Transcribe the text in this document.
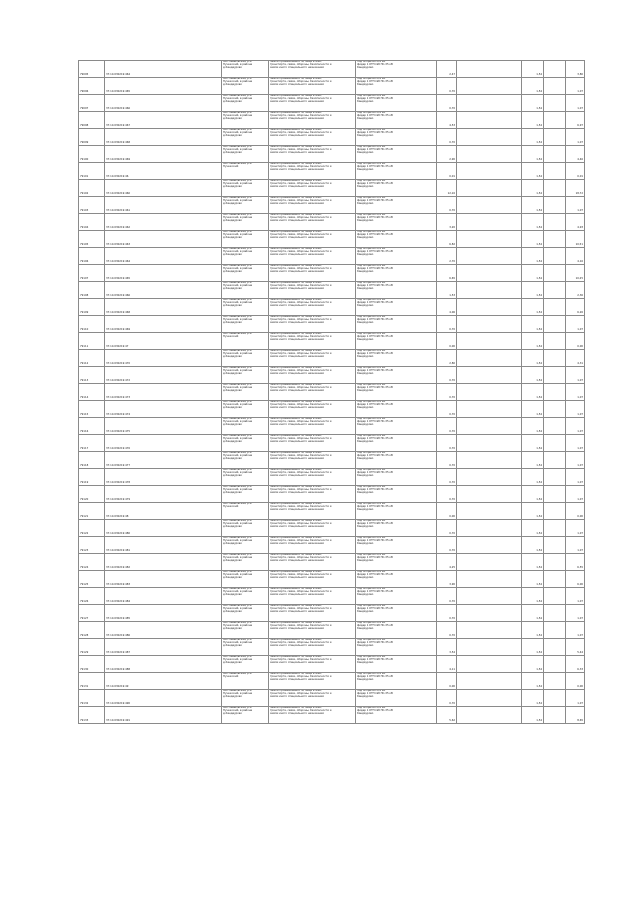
79095	37:14:030219:464	обл. Ивановская, р-н
Пучежский, в районе
д.Кандаурово	Земли промышленности, энергетики,
транспорта, связи, обороны, безопасности и
земли иного специального назначения	под опоры ВЛ-0,4 кВ
фидер 1 КТП №8 ПС-35 кВ
Кандаурово	2,47		1,54		3,80
79096	37:14:030219:465	обл. Ивановская, р-н
Пучежский, в районе
д.Кандаурово	Земли промышленности, энергетики,
транспорта, связи, обороны, безопасности и
земли иного специального назначения	под опоры ВЛ-0,4 кВ
фидер 1 КТП №8 ПС-35 кВ
Кандаурово	0,70		1,54		1,07
79097	37:14:030219:466	обл. Ивановская, р-н
Пучежский, в районе
д.Кандаурово	Земли промышленности, энергетики,
транспорта, связи, обороны, безопасности и
земли иного специального назначения	под опоры ВЛ-0,4 кВ
фидер 1 КТП №8 ПС-35 кВ
Кандаурово	0,70		1,54		1,07
79098	37:14:030219:467	обл. Ивановская, р-н
Пучежский, в районе
д.Кандаурово	Земли промышленности, энергетики,
транспорта, связи, обороны, безопасности и
земли иного специального назначения	под опоры ВЛ-0,4 кВ
фидер 1 КТП №8 ПС-35 кВ
Кандаурово	4,53		1,54		6,97
79099	37:14:030219:468	обл. Ивановская, р-н
Пучежский, в районе
д.Кандаурово	Земли промышленности, энергетики,
транспорта, связи, обороны, безопасности и
земли иного специального назначения	под опоры ВЛ-0,4 кВ
фидер 1 КТП №8 ПС-35 кВ
Кандаурово	0,70		1,54		1,07
79100	37:14:030219:469	обл. Ивановская, р-н
Пучежский, в районе
д.Кандаурово	Земли промышленности, энергетики,
транспорта, связи, обороны, безопасности и
земли иного специального назначения	под опоры ВЛ-0,4 кВ
фидер 1 КТП №8 ПС-35 кВ
Кандаурово	2,90		1,54		4,46
79101	37:14:030219:46	обл. Ивановская, р-н
Пучежский	Земли промышленности, энергетики,
транспорта, связи, обороны, безопасности и
земли иного специального назначения	под опоры ВЛ-0,4 кВ
фидер 1 КТП №8 ПС-35 кВ
Кандаурово	0,01		1,54		0,01
79102	37:14:030219:460	обл. Ивановская, р-н
Пучежский, в районе
д.Кандаурово	Земли промышленности, энергетики,
транспорта, связи, обороны, безопасности и
земли иного специального назначения	под опоры ВЛ-0,4 кВ
фидер 1 КТП №8 ПС-35 кВ
Кандаурово	12,16		1,54		18,72
79103	37:14:030219:461	обл. Ивановская, р-н
Пучежский, в районе
д.Кандаурово	Земли промышленности, энергетики,
транспорта, связи, обороны, безопасности и
земли иного специального назначения	под опоры ВЛ-0,4 кВ
фидер 1 КТП №8 ПС-35 кВ
Кандаурово	0,70		1,54		1,07
79104	37:14:030219:462	обл. Ивановская, р-н
Пучежский, в районе
д.Кандаурово	Земли промышленности, энергетики,
транспорта, связи, обороны, безопасности и
земли иного специального назначения	под опоры ВЛ-0,4 кВ
фидер 1 КТП №8 ПС-35 кВ
Кандаурово	3,20		1,54		4,93
79105	37:14:030219:463	обл. Ивановская, р-н
Пучежский, в районе
д.Кандаурово	Земли промышленности, энергетики,
транспорта, связи, обороны, безопасности и
земли иного специального назначения	под опоры ВЛ-0,4 кВ
фидер 1 КТП №8 ПС-35 кВ
Кандаурово	6,82		1,54		10,51
79106	37:14:030219:464	обл. Ивановская, р-н
Пучежский, в районе
д.Кандаурово	Земли промышленности, энергетики,
транспорта, связи, обороны, безопасности и
земли иного специального назначения	под опоры ВЛ-0,4 кВ
фидер 1 КТП №8 ПС-35 кВ
Кандаурово	2,70		1,54		4,16
79107	37:14:030219:465	обл. Ивановская, р-н
Пучежский, в районе
д.Кандаурово	Земли промышленности, энергетики,
транспорта, связи, обороны, безопасности и
земли иного специального назначения	под опоры ВЛ-0,4 кВ
фидер 1 КТП №8 ПС-35 кВ
Кандаурово	6,65		1,54		10,25
79108	37:14:030219:466	обл. Ивановская, р-н
Пучежский, в районе
д.Кандаурово	Земли промышленности, энергетики,
транспорта, связи, обороны, безопасности и
земли иного специального назначения	под опоры ВЛ-0,4 кВ
фидер 1 КТП №8 ПС-35 кВ
Кандаурово	1,53		1,54		2,36
79109	37:14:030219:468	обл. Ивановская, р-н
Пучежский, в районе
д.Кандаурово	Земли промышленности, энергетики,
транспорта, связи, обороны, безопасности и
земли иного специального назначения	под опоры ВЛ-0,4 кВ
фидер 1 КТП №8 ПС-35 кВ
Кандаурово	4,06		1,54		6,26
79110	37:14:030219:469	обл. Ивановская, р-н
Пучежский, в районе
д.Кандаурово	Земли промышленности, энергетики,
транспорта, связи, обороны, безопасности и
земли иного специального назначения	под опоры ВЛ-0,4 кВ
фидер 1 КТП №8 ПС-35 кВ
Кандаурово	0,70		1,54		1,07
79111	37:14:030219:47	обл. Ивановская, р-н
Пучежский	Земли промышленности, энергетики,
транспорта, связи, обороны, безопасности и
земли иного специального назначения	под опоры ВЛ-0,4 кВ
фидер 1 КТП №8 ПС-35 кВ
Кандаурово	0,00		1,54		0,00
79112	37:14:030219:470	обл. Ивановская, р-н
Пучежский, в районе
д.Кандаурово	Земли промышленности, энергетики,
транспорта, связи, обороны, безопасности и
земли иного специального назначения	под опоры ВЛ-0,4 кВ
фидер 1 КТП №8 ПС-35 кВ
Кандаурово	2,80		1,54		4,31
79113	37:14:030219:472	обл. Ивановская, р-н
Пучежский, в районе
д.Кандаурово	Земли промышленности, энергетики,
транспорта, связи, обороны, безопасности и
земли иного специального назначения	под опоры ВЛ-0,4 кВ
фидер 1 КТП №8 ПС-35 кВ
Кандаурово	0,70		1,54		1,07
79114	37:14:030219:473	обл. Ивановская, р-н
Пучежский, в районе
д.Кандаурово	Земли промышленности, энергетики,
транспорта, связи, обороны, безопасности и
земли иного специального назначения	под опоры ВЛ-0,4 кВ
фидер 1 КТП №8 ПС-35 кВ
Кандаурово	0,70		1,54		1,07
79115	37:14:030219:474	обл. Ивановская, р-н
Пучежский, в районе
д.Кандаурово	Земли промышленности, энергетики,
транспорта, связи, обороны, безопасности и
земли иного специального назначения	под опоры ВЛ-0,4 кВ
фидер 1 КТП №8 ПС-35 кВ
Кандаурово	0,70		1,54		1,07
79116	37:14:030219:475	обл. Ивановская, р-н
Пучежский, в районе
д.Кандаурово	Земли промышленности, энергетики,
транспорта, связи, обороны, безопасности и
земли иного специального назначения	под опоры ВЛ-0,4 кВ
фидер 1 КТП №8 ПС-35 кВ
Кандаурово	0,70		1,54		1,07
79117	37:14:030219:476	обл. Ивановская, р-н
Пучежский, в районе
д.Кандаурово	Земли промышленности, энергетики,
транспорта, связи, обороны, безопасности и
земли иного специального назначения	под опоры ВЛ-0,4 кВ
фидер 1 КТП №8 ПС-35 кВ
Кандаурово	0,70		1,54		1,07
79118	37:14:030219:477	обл. Ивановская, р-н
Пучежский, в районе
д.Кандаурово	Земли промышленности, энергетики,
транспорта, связи, обороны, безопасности и
земли иного специального назначения	под опоры ВЛ-0,4 кВ
фидер 1 КТП №8 ПС-35 кВ
Кандаурово	0,70		1,54		1,07
79119	37:14:030219:478	обл. Ивановская, р-н
Пучежский, в районе
д.Кандаурово	Земли промышленности, энергетики,
транспорта, связи, обороны, безопасности и
земли иного специального назначения	под опоры ВЛ-0,4 кВ
фидер 1 КТП №8 ПС-35 кВ
Кандаурово	0,70		1,54		1,07
79120	37:14:030219:479	обл. Ивановская, р-н
Пучежский, в районе
д.Кандаурово	Земли промышленности, энергетики,
транспорта, связи, обороны, безопасности и
земли иного специального назначения	под опоры ВЛ-0,4 кВ
фидер 1 КТП №8 ПС-35 кВ
Кандаурово	0,70		1,54		1,07
79121	37:14:030219:48	обл. Ивановская, р-н
Пучежский	Земли промышленности, энергетики,
транспорта, связи, обороны, безопасности и
земли иного специального назначения	под опоры ВЛ-0,4 кВ
фидер 1 КТП №8 ПС-35 кВ
Кандаурово	0,00		1,54		0,00
79122	37:14:030219:480	обл. Ивановская, р-н
Пучежский, в районе
д.Кандаурово	Земли промышленности, энергетики,
транспорта, связи, обороны, безопасности и
земли иного специального назначения	под опоры ВЛ-0,4 кВ
фидер 1 КТП №8 ПС-35 кВ
Кандаурово	0,70		1,54		1,07
79123	37:14:030219:481	обл. Ивановская, р-н
Пучежский, в районе
д.Кандаурово	Земли промышленности, энергетики,
транспорта, связи, обороны, безопасности и
земли иного специального назначения	под опоры ВЛ-0,4 кВ
фидер 1 КТП №8 ПС-35 кВ
Кандаурово	0,70		1,54		1,07
79124	37:14:030219:482	обл. Ивановская, р-н
Пучежский, в районе
д.Кандаурово	Земли промышленности, энергетики,
транспорта, связи, обороны, безопасности и
земли иного специального назначения	под опоры ВЛ-0,4 кВ
фидер 1 КТП №8 ПС-35 кВ
Кандаурово	4,25		1,54		6,55
79125	37:14:030219:483	обл. Ивановская, р-н
Пучежский, в районе
д.Кандаурово	Земли промышленности, энергетики,
транспорта, связи, обороны, безопасности и
земли иного специального назначения	под опоры ВЛ-0,4 кВ
фидер 1 КТП №8 ПС-35 кВ
Кандаурово	3,90		1,54		6,00
79126	37:14:030219:484	обл. Ивановская, р-н
Пучежский, в районе
д.Кандаурово	Земли промышленности, энергетики,
транспорта, связи, обороны, безопасности и
земли иного специального назначения	под опоры ВЛ-0,4 кВ
фидер 1 КТП №8 ПС-35 кВ
Кандаурово	0,70		1,54		1,07
79127	37:14:030219:485	обл. Ивановская, р-н
Пучежский, в районе
д.Кандаурово	Земли промышленности, энергетики,
транспорта, связи, обороны, безопасности и
земли иного специального назначения	под опоры ВЛ-0,4 кВ
фидер 1 КТП №8 ПС-35 кВ
Кандаурово	0,70		1,54		1,07
79128	37:14:030219:486	обл. Ивановская, р-н
Пучежский, в районе
д.Кандаурово	Земли промышленности, энергетики,
транспорта, связи, обороны, безопасности и
земли иного специального назначения	под опоры ВЛ-0,4 кВ
фидер 1 КТП №8 ПС-35 кВ
Кандаурово	0,70		1,54		1,07
79129	37:14:030219:487	обл. Ивановская, р-н
Пучежский, в районе
д.Кандаурово	Земли промышленности, энергетики,
транспорта, связи, обороны, безопасности и
земли иного специального назначения	под опоры ВЛ-0,4 кВ
фидер 1 КТП №8 ПС-35 кВ
Кандаурово	3,54		1,54		5,44
79130	37:14:030219:488	обл. Ивановская, р-н
Пучежский, в районе
д.Кандаурово	Земли промышленности, энергетики,
транспорта, связи, обороны, безопасности и
земли иного специального назначения	под опоры ВЛ-0,4 кВ
фидер 1 КТП №8 ПС-35 кВ
Кандаурово	4,11		1,54		6,33
79131	37:14:030219:49	обл. Ивановская, р-н
Пучежский	Земли промышленности, энергетики,
транспорта, связи, обороны, безопасности и
земли иного специального назначения	под опоры ВЛ-0,4 кВ
фидер 1 КТП №8 ПС-35 кВ
Кандаурово	0,00		1,54		0,00
79132	37:14:030219:490	обл. Ивановская, р-н
Пучежский, в районе
д.Кандаурово	Земли промышленности, энергетики,
транспорта, связи, обороны, безопасности и
земли иного специального назначения	под опоры ВЛ-0,4 кВ
фидер 1 КТП №8 ПС-35 кВ
Кандаурово	0,70		1,54		1,07
79133	37:14:030219:491	обл. Ивановская, р-н
Пучежский, в районе
д.Кандаурово	Земли промышленности, энергетики,
транспорта, связи, обороны, безопасности и
земли иного специального назначения	под опоры ВЛ-0,4 кВ
фидер 1 КТП №8 ПС-35 кВ
Кандаурово	5,62		1,54		8,65
